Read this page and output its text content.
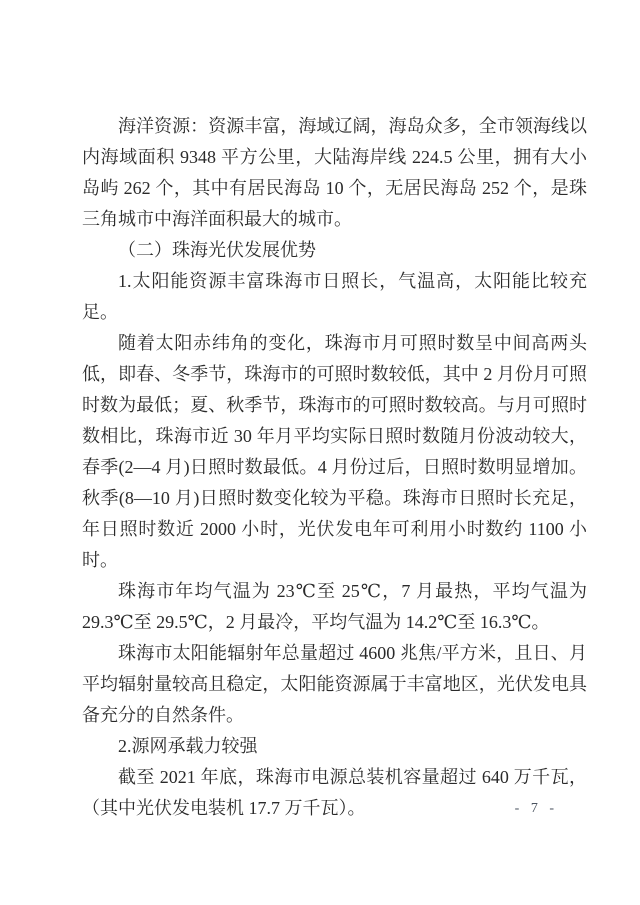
海洋资源：资源丰富，海域辽阔，海岛众多，全市领海线以内海域面积 9348 平方公里，大陆海岸线 224.5 公里，拥有大小岛屿 262 个，其中有居民海岛 10 个，无居民海岛 252 个，是珠三角城市中海洋面积最大的城市。

（二）珠海光伏发展优势

1.太阳能资源丰富珠海市日照长，气温高，太阳能比较充足。

随着太阳赤纬角的变化，珠海市月可照时数呈中间高两头低，即春、冬季节，珠海市的可照时数较低，其中 2 月份月可照时数为最低；夏、秋季节，珠海市的可照时数较高。与月可照时数相比，珠海市近 30 年月平均实际日照时数随月份波动较大，春季(2—4 月)日照时数最低。4 月份过后，日照时数明显增加。秋季(8—10 月)日照时数变化较为平稳。珠海市日照时长充足，年日照时数近 2000 小时，光伏发电年可利用小时数约 1100 小时。

珠海市年均气温为 23℃至 25℃，7 月最热，平均气温为 29.3℃至 29.5℃，2 月最冷，平均气温为 14.2℃至 16.3℃。

珠海市太阳能辐射年总量超过 4600 兆焦/平方米，且日、月平均辐射量较高且稳定，太阳能资源属于丰富地区，光伏发电具备充分的自然条件。

2.源网承载力较强

截至 2021 年底，珠海市电源总装机容量超过 640 万千瓦，（其中光伏发电装机 17.7 万千瓦）。	- 7 -
